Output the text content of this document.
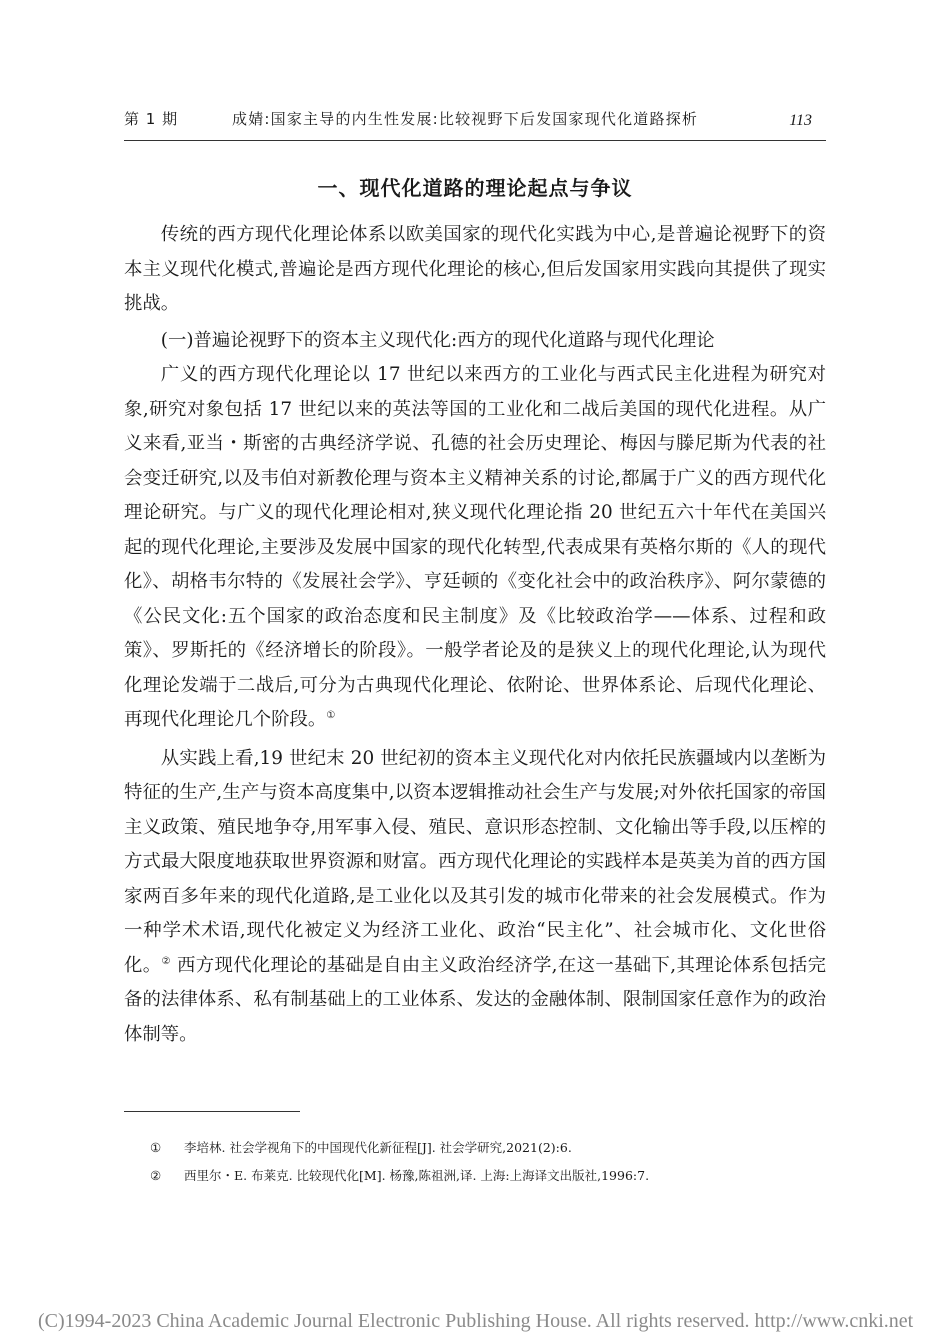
第 1 期	成婧:国家主导的内生性发展:比较视野下后发国家现代化道路探析	113
一、现代化道路的理论起点与争议

传统的西方现代化理论体系以欧美国家的现代化实践为中心,是普遍论视野下的资本主义现代化模式,普遍论是西方现代化理论的核心,但后发国家用实践向其提供了现实挑战。

(一)普遍论视野下的资本主义现代化:西方的现代化道路与现代化理论

广义的西方现代化理论以 17 世纪以来西方的工业化与西式民主化进程为研究对象,研究对象包括 17 世纪以来的英法等国的工业化和二战后美国的现代化进程。从广义来看,亚当・斯密的古典经济学说、孔德的社会历史理论、梅因与滕尼斯为代表的社会变迁研究,以及韦伯对新教伦理与资本主义精神关系的讨论,都属于广义的西方现代化理论研究。与广义的现代化理论相对,狭义现代化理论指 20 世纪五六十年代在美国兴起的现代化理论,主要涉及发展中国家的现代化转型,代表成果有英格尔斯的《人的现代化》、胡格韦尔特的《发展社会学》、亨廷顿的《变化社会中的政治秩序》、阿尔蒙德的《公民文化:五个国家的政治态度和民主制度》及《比较政治学——体系、过程和政策》、罗斯托的《经济增长的阶段》。一般学者论及的是狭义上的现代化理论,认为现代化理论发端于二战后,可分为古典现代化理论、依附论、世界体系论、后现代化理论、再现代化理论几个阶段。①

从实践上看,19 世纪末 20 世纪初的资本主义现代化对内依托民族疆域内以垄断为特征的生产,生产与资本高度集中,以资本逻辑推动社会生产与发展;对外依托国家的帝国主义政策、殖民地争夺,用军事入侵、殖民、意识形态控制、文化输出等手段,以压榨的方式最大限度地获取世界资源和财富。西方现代化理论的实践样本是英美为首的西方国家两百多年来的现代化道路,是工业化以及其引发的城市化带来的社会发展模式。作为一种学术术语,现代化被定义为经济工业化、政治“民主化”、社会城市化、文化世俗化。② 西方现代化理论的基础是自由主义政治经济学,在这一基础下,其理论体系包括完备的法律体系、私有制基础上的工业体系、发达的金融体制、限制国家任意作为的政治体制等。

①	李培林. 社会学视角下的中国现代化新征程[J]. 社会学研究,2021(2):6.
②	西里尔・E. 布莱克. 比较现代化[M]. 杨豫,陈祖洲,译. 上海:上海译文出版社,1996:7.
(C)1994-2023 China Academic Journal Electronic Publishing House. All rights reserved. http://www.cnki.net
